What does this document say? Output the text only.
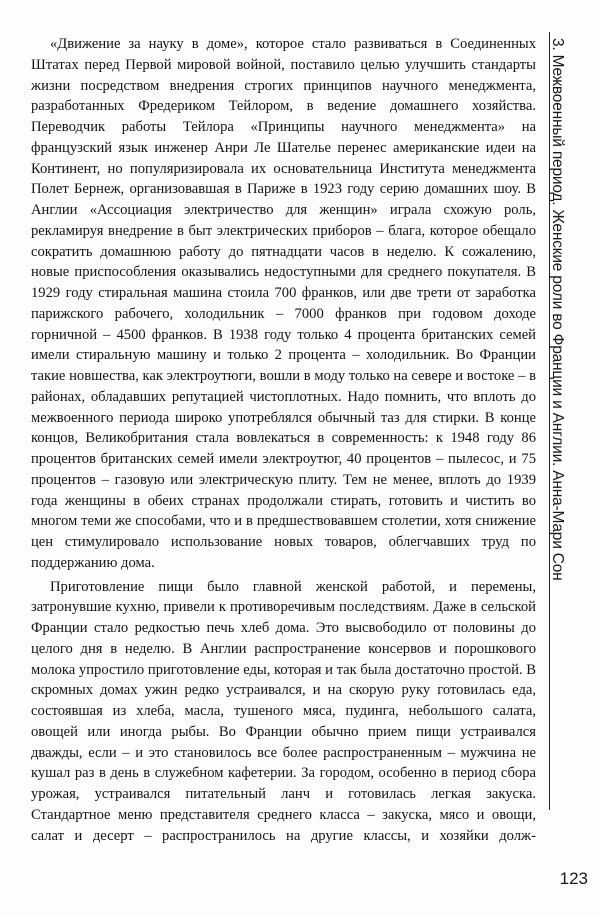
«Движение за науку в доме», которое стало развиваться в Соединенных Штатах перед Первой мировой войной, поставило целью улучшить стандарты жизни посредством внедрения строгих принципов научного менеджмента, разработанных Фредериком Тейлором, в ведение домашнего хозяйства. Переводчик работы Тейлора «Принципы научного менеджмента» на французский язык инженер Анри Ле Шателье перенес американские идеи на Континент, но популяризировала их основательница Института менеджмента Полет Бернеж, организовавшая в Париже в 1923 году серию домашних шоу. В Англии «Ассоциация электричество для женщин» играла схожую роль, рекламируя внедрение в быт электрических приборов – блага, которое обещало сократить домашнюю работу до пятнадцати часов в неделю. К сожалению, новые приспособления оказывались недоступными для среднего покупателя. В 1929 году стиральная машина стоила 700 франков, или две трети от заработка парижского рабочего, холодильник – 7000 франков при годовом доходе горничной – 4500 франков. В 1938 году только 4 процента британских семей имели стиральную машину и только 2 процента – холодильник. Во Франции такие новшества, как электроутюги, вошли в моду только на севере и востоке – в районах, обладавших репутацией чистоплотных. Надо помнить, что вплоть до межвоенного периода широко употреблялся обычный таз для стирки. В конце концов, Великобритания стала вовлекаться в современность: к 1948 году 86 процентов британских семей имели электроутюг, 40 процентов – пылесос, и 75 процентов – газовую или электрическую плиту. Тем не менее, вплоть до 1939 года женщины в обеих странах продолжали стирать, готовить и чистить во многом теми же способами, что и в предшествовавшем столетии, хотя снижение цен стимулировало использование новых товаров, облегчавших труд по поддержанию дома.

Приготовление пищи было главной женской работой, и перемены, затронувшие кухню, привели к противоречивым последствиям. Даже в сельской Франции стало редкостью печь хлеб дома. Это высвободило от половины до целого дня в неделю. В Англии распространение консервов и порошкового молока упростило приготовление еды, которая и так была достаточно простой. В скромных домах ужин редко устраивался, и на скорую руку готовилась еда, состоявшая из хлеба, масла, тушеного мяса, пудинга, небольшого салата, овощей или иногда рыбы. Во Франции обычно прием пищи устраивался дважды, если – и это становилось все более распространенным – мужчина не кушал раз в день в служебном кафетерии. За городом, особенно в период сбора урожая, устраивался питательный ланч и готовилась легкая закуска. Стандартное меню представителя среднего класса – закуска, мясо и овощи, салат и десерт – распространилось на другие классы, и хозяйки долж-

3. Межвоенный период. Женские роли во Франции и Англии. Анна-Мари Сон
123
